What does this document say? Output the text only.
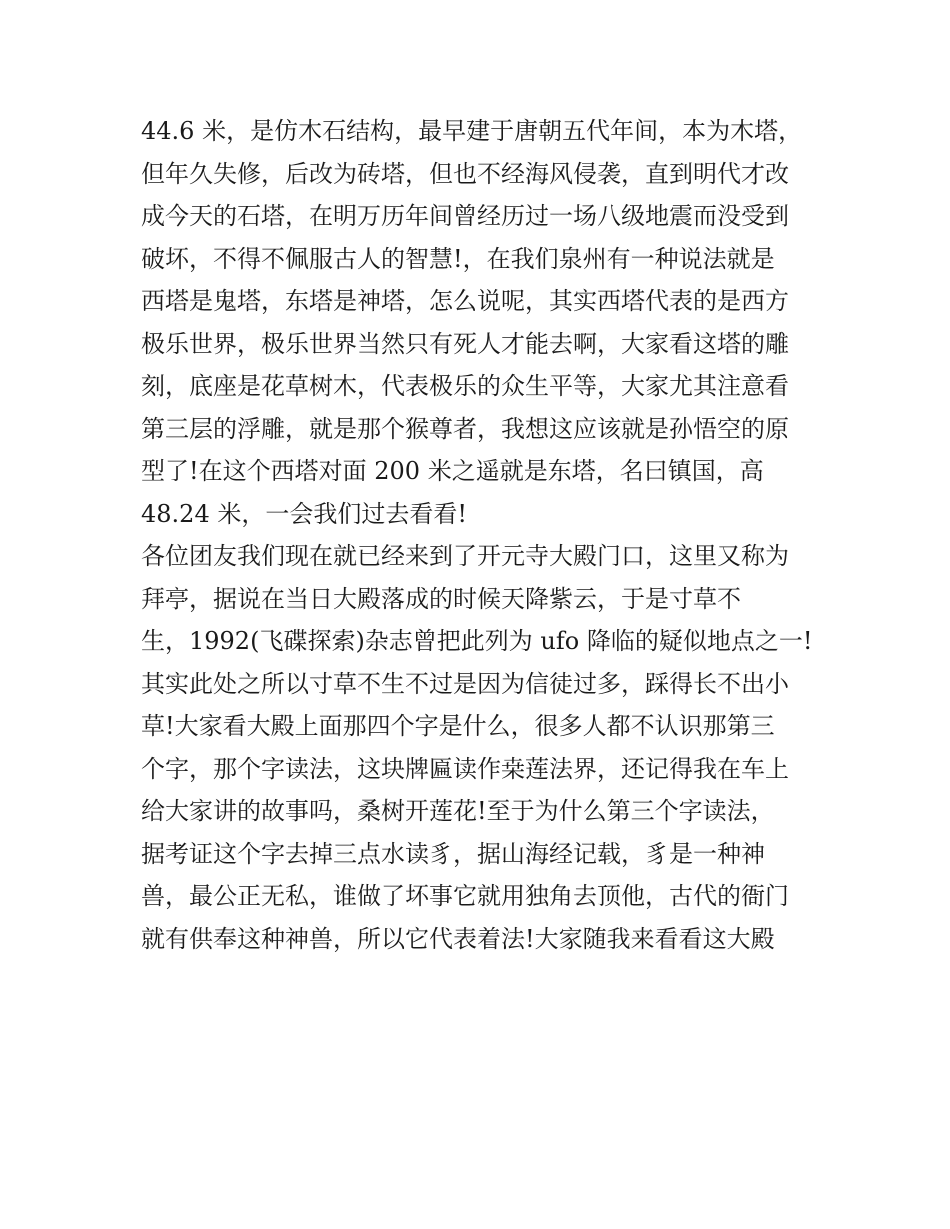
44.6 米，是仿木石结构，最早建于唐朝五代年间，本为木塔，
但年久失修，后改为砖塔，但也不经海风侵袭，直到明代才改
成今天的石塔，在明万历年间曾经历过一场八级地震而没受到
破坏，不得不佩服古人的智慧!，在我们泉州有一种说法就是
西塔是鬼塔，东塔是神塔，怎么说呢，其实西塔代表的是西方
极乐世界，极乐世界当然只有死人才能去啊，大家看这塔的雕
刻，底座是花草树木，代表极乐的众生平等，大家尤其注意看
第三层的浮雕，就是那个猴尊者，我想这应该就是孙悟空的原
型了!在这个西塔对面 200 米之遥就是东塔，名曰镇国，高
48.24 米，一会我们过去看看!
各位团友我们现在就已经来到了开元寺大殿门口，这里又称为
拜亭，据说在当日大殿落成的时候天降紫云，于是寸草不
生，1992(飞碟探索)杂志曾把此列为 ufo 降临的疑似地点之一!
其实此处之所以寸草不生不过是因为信徒过多，踩得长不出小
草!大家看大殿上面那四个字是什么，很多人都不认识那第三
个字，那个字读法，这块牌匾读作桒莲法界，还记得我在车上
给大家讲的故事吗，桑树开莲花!至于为什么第三个字读法，
据考证这个字去掉三点水读豸，据山海经记载，豸是一种神
兽，最公正无私，谁做了坏事它就用独角去顶他，古代的衙门
就有供奉这种神兽，所以它代表着法!大家随我来看看这大殿
